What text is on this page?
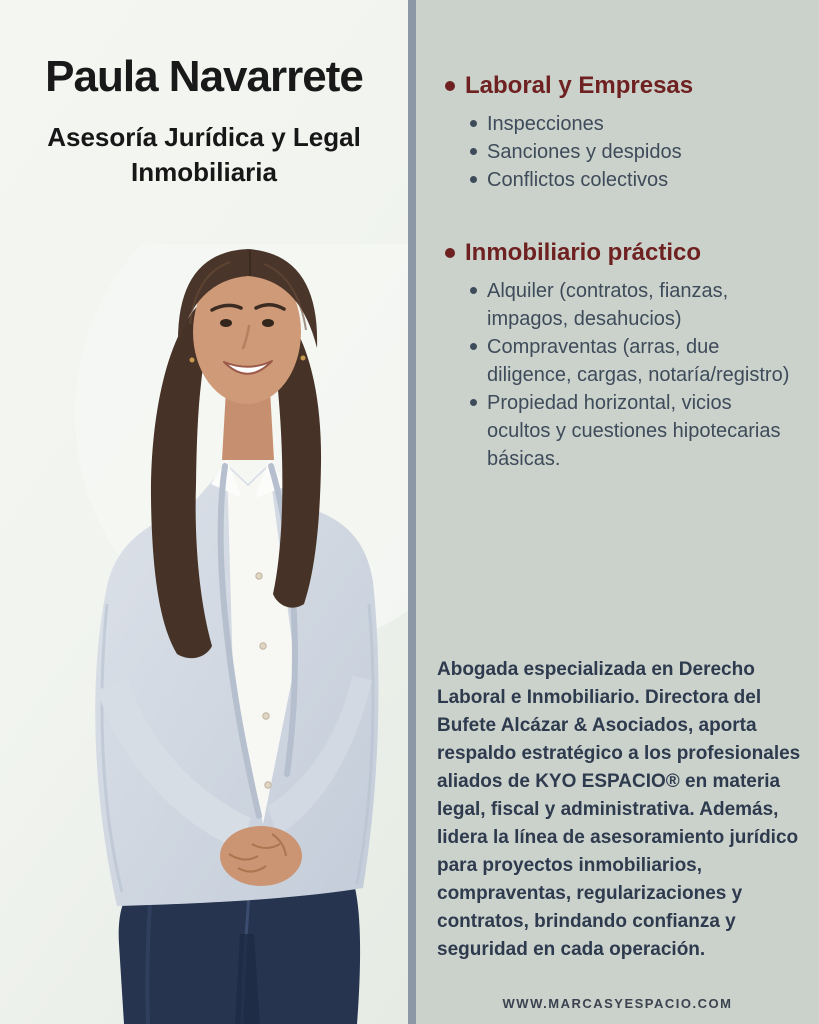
Paula Navarrete
Asesoría Jurídica y Legal
Inmobiliaria
Laboral y Empresas
Inspecciones
Sanciones y despidos
Conflictos colectivos
Inmobiliario práctico
Alquiler (contratos, fianzas, impagos, desahucios)
Compraventas (arras, due diligence, cargas, notaría/registro)
Propiedad horizontal, vicios ocultos y cuestiones hipotecarias básicas.
Abogada especializada en Derecho Laboral e Inmobiliario. Directora del Bufete Alcázar & Asociados, aporta respaldo estratégico a los profesionales aliados de KYO ESPACIO® en materia legal, fiscal y administrativa. Además, lidera la línea de asesoramiento jurídico para proyectos inmobiliarios, compraventas, regularizaciones y contratos, brindando confianza y seguridad en cada operación.
WWW.MARCASYESPACIO.COM
